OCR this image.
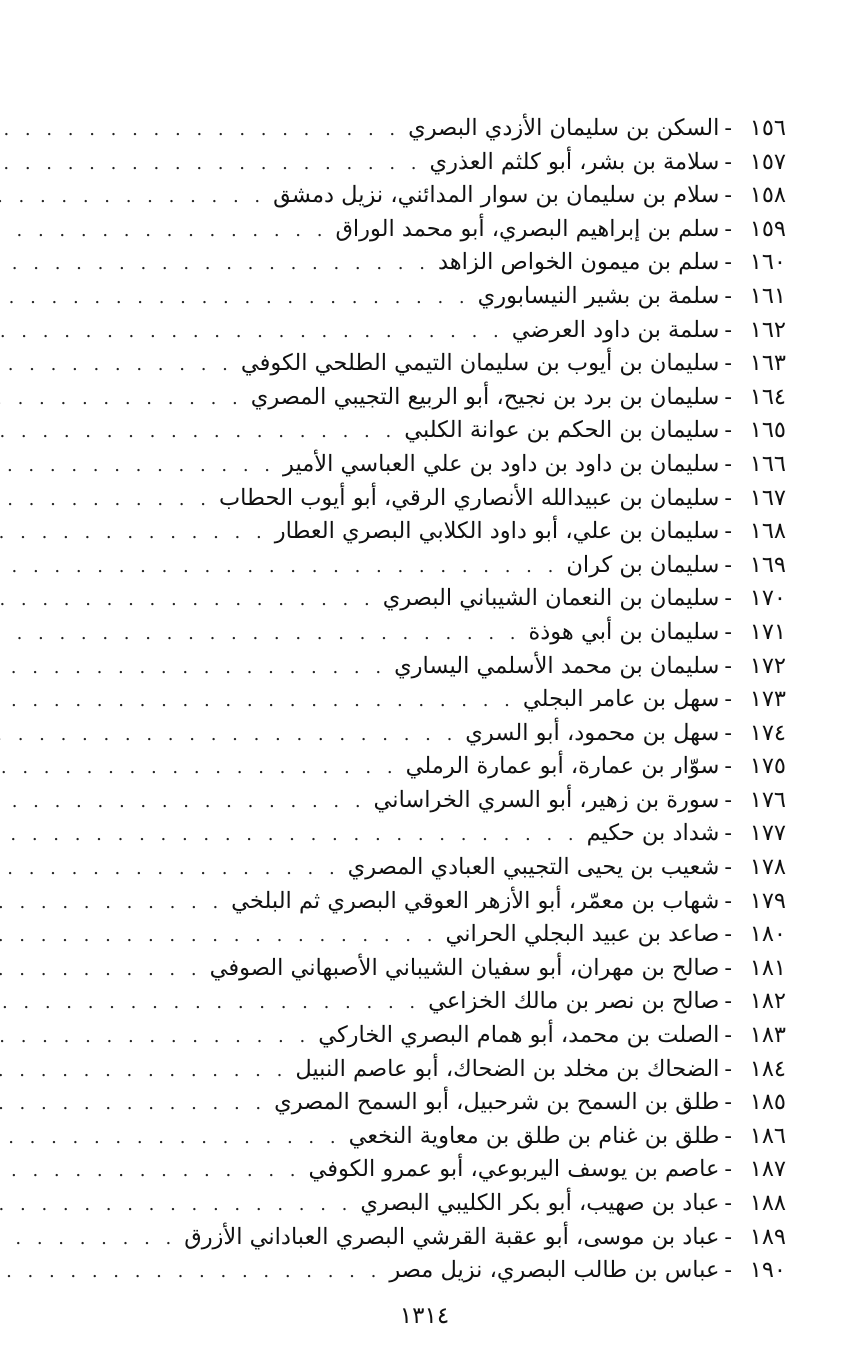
١٥٦
-
السكن بن سليمان الأزدي البصري
. . .
١٥٧
-
سلامة بن بشر، أبو كلثم العذري
. . .
١٥٨
-
سلام بن سليمان بن سوار المدائني، نزيل دمشق
. . .
١٥٩
-
سلم بن إبراهيم البصري، أبو محمد الوراق
. . .
١٦٠
-
سلم بن ميمون الخواص الزاهد
. . .
١٦١
-
سلمة بن بشير النيسابوري
. . .
١٦٢
-
سلمة بن داود العرضي
. . .
١٦٣
-
سليمان بن أيوب بن سليمان التيمي الطلحي الكوفي
. . .
١٦٤
-
سليمان بن برد بن نجيح، أبو الربيع التجيبي المصري
. . .
١٦٥
-
سليمان بن الحكم بن عوانة الكلبي
. . .
١٦٦
-
سليمان بن داود بن داود بن علي العباسي الأمير
. . .
١٦٧
-
سليمان بن عبيدالله الأنصاري الرقي، أبو أيوب الحطاب
. . .
١٦٨
-
سليمان بن علي، أبو داود الكلابي البصري العطار
. . .
١٦٩
-
سليمان بن كران
. . .
١٧٠
-
سليمان بن النعمان الشيباني البصري
. . .
١٧١
-
سليمان بن أبي هوذة
. . .
١٧٢
-
سليمان بن محمد الأسلمي اليساري
. . .
١٧٣
-
سهل بن عامر البجلي
. . .
١٧٤
-
سهل بن محمود، أبو السري
. . .
١٧٥
-
سوّار بن عمارة، أبو عمارة الرملي
. . .
١٧٦
-
سورة بن زهير، أبو السري الخراساني
. . .
١٧٧
-
شداد بن حكيم
. . .
١٧٨
-
شعيب بن يحيى التجيبي العبادي المصري
. . .
١٧٩
-
شهاب بن معمّر، أبو الأزهر العوقي البصري ثم البلخي
. . .
١٨٠
-
صاعد بن عبيد البجلي الحراني
. . .
١٨١
-
صالح بن مهران، أبو سفيان الشيباني الأصبهاني الصوفي
. . .
١٨٢
-
صالح بن نصر بن مالك الخزاعي
. . .
١٨٣
-
الصلت بن محمد، أبو همام البصري الخاركي
. . .
١٨٤
-
الضحاك بن مخلد بن الضحاك، أبو عاصم النبيل
. . .
١٨٥
-
طلق بن السمح بن شرحبيل، أبو السمح المصري
. . .
١٨٦
-
طلق بن غنام بن طلق بن معاوية النخعي
. . .
١٨٧
-
عاصم بن يوسف اليربوعي، أبو عمرو الكوفي
. . .
١٨٨
-
عباد بن صهيب، أبو بكر الكليبي البصري
. . .
١٨٩
-
عباد بن موسى، أبو عقبة القرشي البصري العباداني الأزرق
. . .
١٩٠
-
عباس بن طالب البصري، نزيل مصر
. . .
١٣١٤
